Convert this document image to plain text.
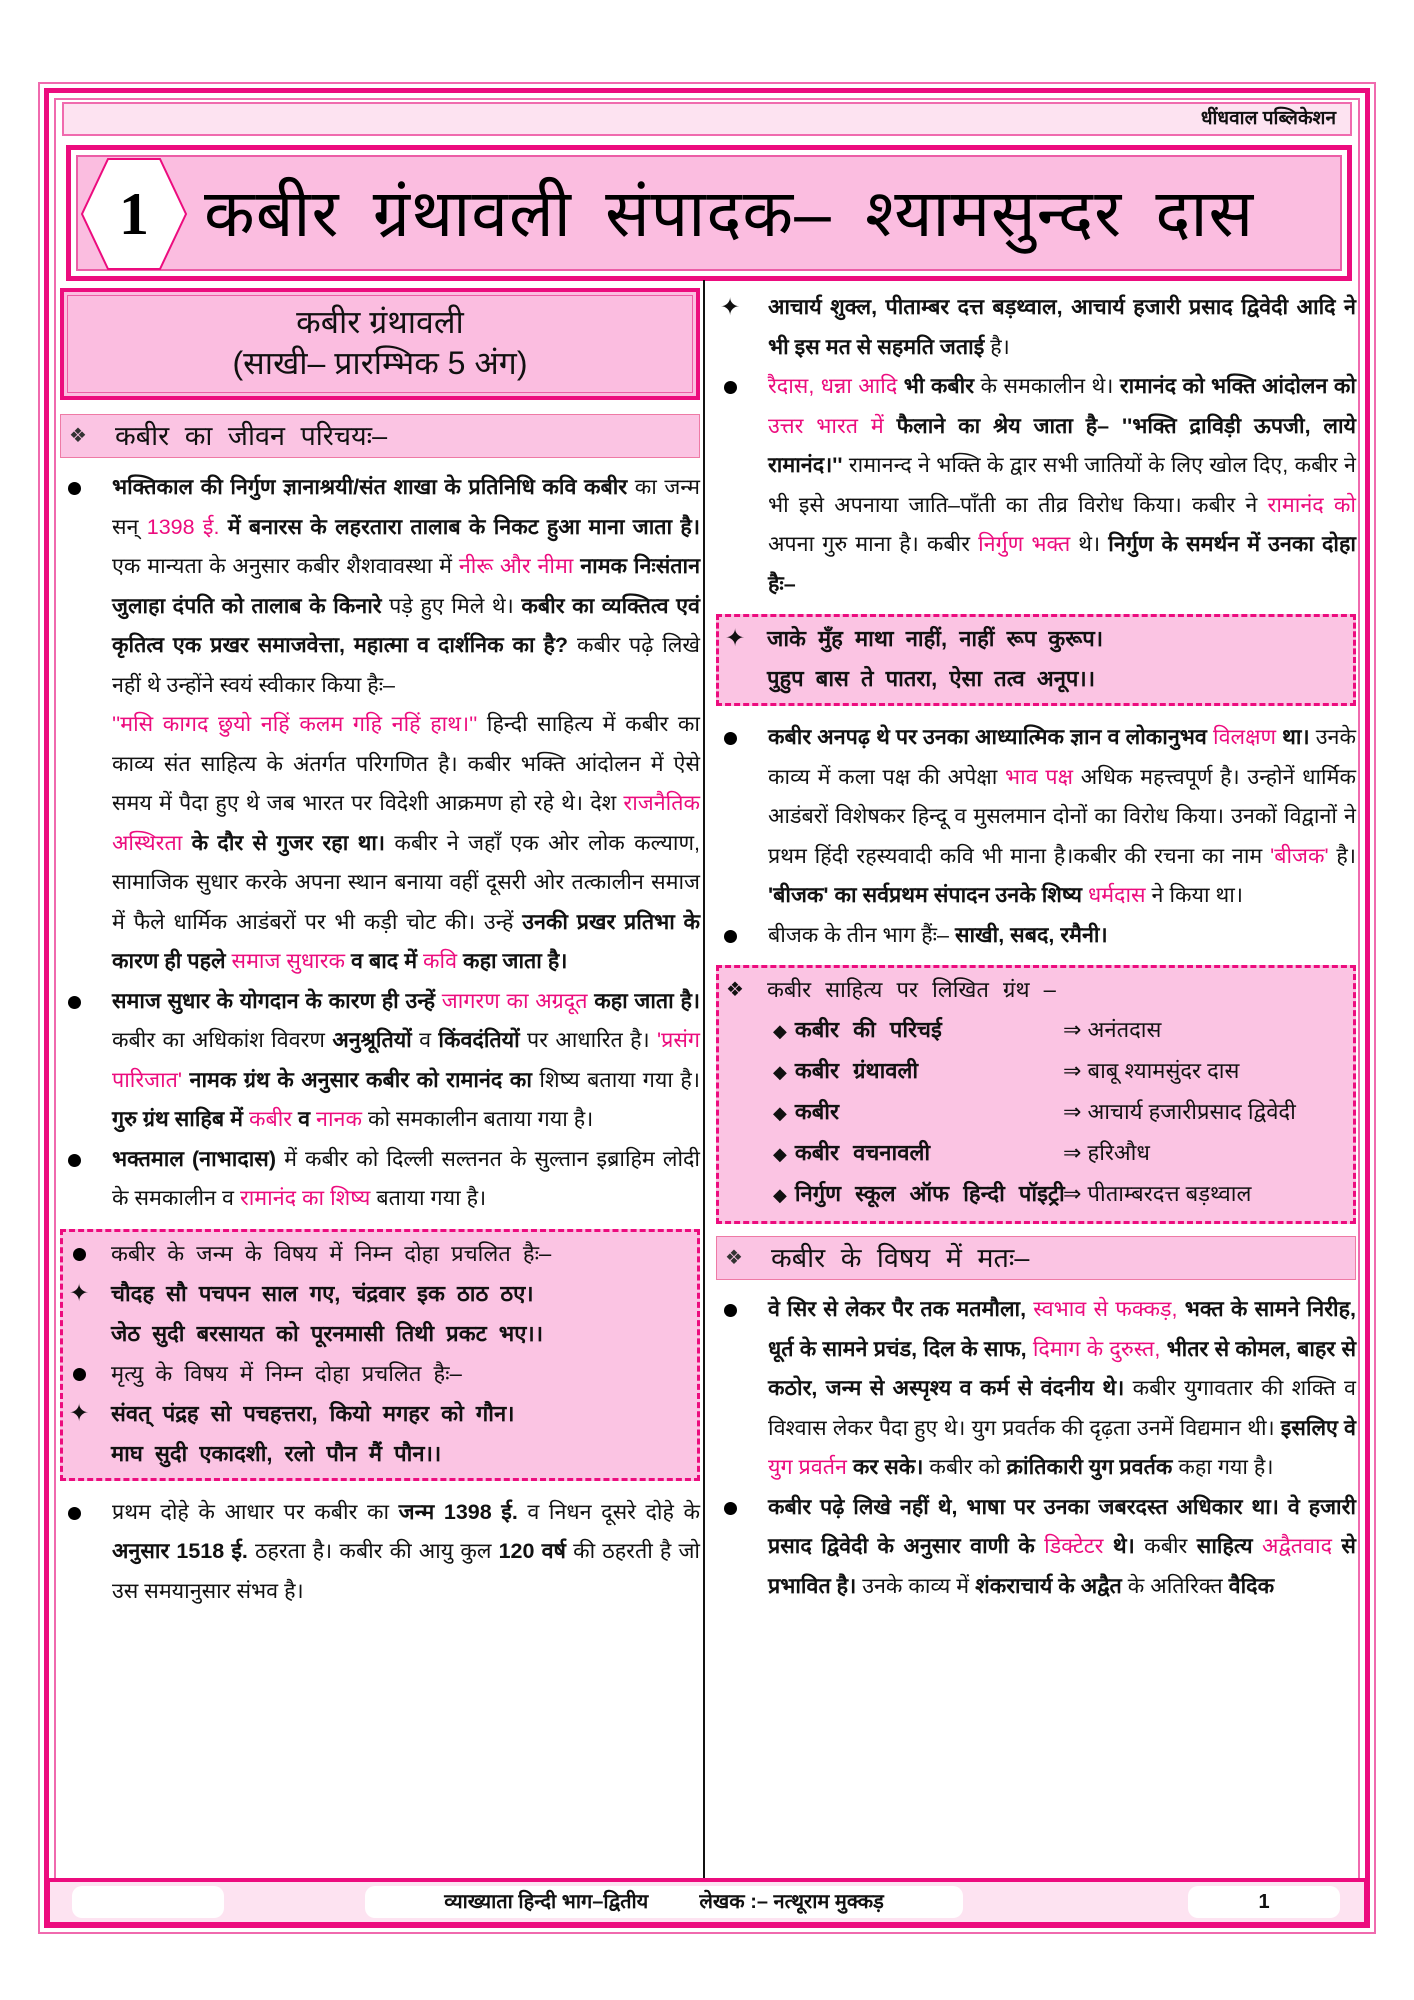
धींधवाल पब्लिकेशन
1 कबीर ग्रंथावली संपादक– श्यामसुन्दर दास
कबीर ग्रंथावली
(साखी– प्रारम्भिक 5 अंग)
❖ कबीर का जीवन परिचयः–
भक्तिकाल की निर्गुण ज्ञानाश्रयी/संत शाखा के प्रतिनिधि कवि कबीर का जन्म सन् 1398 ई. में बनारस के लहरतारा तालाब के निकट हुआ माना जाता है। एक मान्यता के अनुसार कबीर शैशवावस्था में नीरू और नीमा नामक निःसंतान जुलाहा दंपति को तालाब के किनारे पड़े हुए मिले थे। कबीर का व्यक्तित्व एवं कृतित्व एक प्रखर समाजवेत्ता, महात्मा व दार्शनिक का है? कबीर पढ़े लिखे नहीं थे उन्होंने स्वयं स्वीकार किया हैः–
''मसि कागद छुयो नहिं कलम गहि नहिं हाथ।'' हिन्दी साहित्य में कबीर का काव्य संत साहित्य के अंतर्गत परिगणित है। कबीर भक्ति आंदोलन में ऐसे समय में पैदा हुए थे जब भारत पर विदेशी आक्रमण हो रहे थे। देश राजनैतिक अस्थिरता के दौर से गुजर रहा था। कबीर ने जहाँ एक ओर लोक कल्याण, सामाजिक सुधार करके अपना स्थान बनाया वहीं दूसरी ओर तत्कालीन समाज में फैले धार्मिक आडंबरों पर भी कड़ी चोट की। उन्हें उनकी प्रखर प्रतिभा के कारण ही पहले समाज सुधारक व बाद में कवि कहा जाता है।
समाज सुधार के योगदान के कारण ही उन्हें जागरण का अग्रदूत कहा जाता है। कबीर का अधिकांश विवरण अनुश्रूतियों व किंवदंतियों पर आधारित है। 'प्रसंग पारिजात' नामक ग्रंथ के अनुसार कबीर को रामानंद का शिष्य बताया गया है। गुरु ग्रंथ साहिब में कबीर व नानक को समकालीन बताया गया है।
भक्तमाल (नाभादास) में कबीर को दिल्ली सल्तनत के सुल्तान इब्राहिम लोदी के समकालीन व रामानंद का शिष्य बताया गया है।
कबीर के जन्म के विषय में निम्न दोहा प्रचलित हैः–
✦ चौदह सौ पचपन साल गए, चंद्रवार इक ठाठ ठए।
जेठ सुदी बरसायत को पूरनमासी तिथी प्रकट भए।।
मृत्यु के विषय में निम्न दोहा प्रचलित हैः–
✦ संवत् पंद्रह सो पचहत्तरा, कियो मगहर को गौन।
माघ सुदी एकादशी, रलो पौन मैं पौन।।
प्रथम दोहे के आधार पर कबीर का जन्म 1398 ई. व निधन दूसरे दोहे के अनुसार 1518 ई. ठहरता है। कबीर की आयु कुल 120 वर्ष की ठहरती है जो उस समयानुसार संभव है।
✦ आचार्य शुक्ल, पीताम्बर दत्त बड़थ्वाल, आचार्य हजारी प्रसाद द्विवेदी आदि ने भी इस मत से सहमति जताई है।
रैदास, धन्ना आदि भी कबीर के समकालीन थे। रामानंद को भक्ति आंदोलन को उत्तर भारत में फैलाने का श्रेय जाता है– ''भक्ति द्राविड़ी ऊपजी, लाये रामानंद।'' रामानन्द ने भक्ति के द्वार सभी जातियों के लिए खोल दिए, कबीर ने भी इसे अपनाया जाति–पाँती का तीव्र विरोध किया। कबीर ने रामानंद को अपना गुरु माना है। कबीर निर्गुण भक्त थे। निर्गुण के समर्थन में उनका दोहा हैः–
✦ जाके मुँह माथा नाहीं, नाहीं रूप कुरूप।
पुहुप बास ते पातरा, ऐसा तत्व अनूप।।
कबीर अनपढ़ थे पर उनका आध्यात्मिक ज्ञान व लोकानुभव विलक्षण था। उनके काव्य में कला पक्ष की अपेक्षा भाव पक्ष अधिक महत्त्वपूर्ण है। उन्होनें धार्मिक आडंबरों विशेषकर हिन्दू व मुसलमान दोनों का विरोध किया। उनकों विद्वानों ने प्रथम हिंदी रहस्यवादी कवि भी माना है।कबीर की रचना का नाम 'बीजक' है। 'बीजक' का सर्वप्रथम संपादन उनके शिष्य धर्मदास ने किया था।
बीजक के तीन भाग हैंः– साखी, सबद, रमैनी।
❖ कबीर साहित्य पर लिखित ग्रंथ –
◆ कबीर की परिचई	⇒ अनंतदास
◆ कबीर ग्रंथावली	⇒ बाबू श्यामसुंदर दास
◆ कबीर	⇒ आचार्य हजारीप्रसाद द्विवेदी
◆ कबीर वचनावली	⇒ हरिऔध
◆ निर्गुण स्कूल ऑफ हिन्दी पॉइट्री
⇒ पीताम्बरदत्त बड़थ्वाल
❖ कबीर के विषय में मतः–
वे सिर से लेकर पैर तक मतमौला, स्वभाव से फक्कड़, भक्त के सामने निरीह, धूर्त के सामने प्रचंड, दिल के साफ, दिमाग के दुरुस्त, भीतर से कोमल, बाहर से कठोर, जन्म से अस्पृश्य व कर्म से वंदनीय थे। कबीर युगावतार की शक्ति व विश्वास लेकर पैदा हुए थे। युग प्रवर्तक की दृढ़ता उनमें विद्यमान थी। इसलिए वे युग प्रवर्तन कर सके। कबीर को क्रांतिकारी युग प्रवर्तक कहा गया है।
कबीर पढ़े लिखे नहीं थे, भाषा पर उनका जबरदस्त अधिकार था। वे हजारी प्रसाद द्विवेदी के अनुसार वाणी के डिक्टेटर थे। कबीर साहित्य अद्वैतवाद से प्रभावित है। उनके काव्य में शंकराचार्य के अद्वैत के अतिरिक्त वैदिक
व्याख्याता हिन्दी भाग–द्वितीय	लेखक :– नत्थूराम मुक्कड़	1
